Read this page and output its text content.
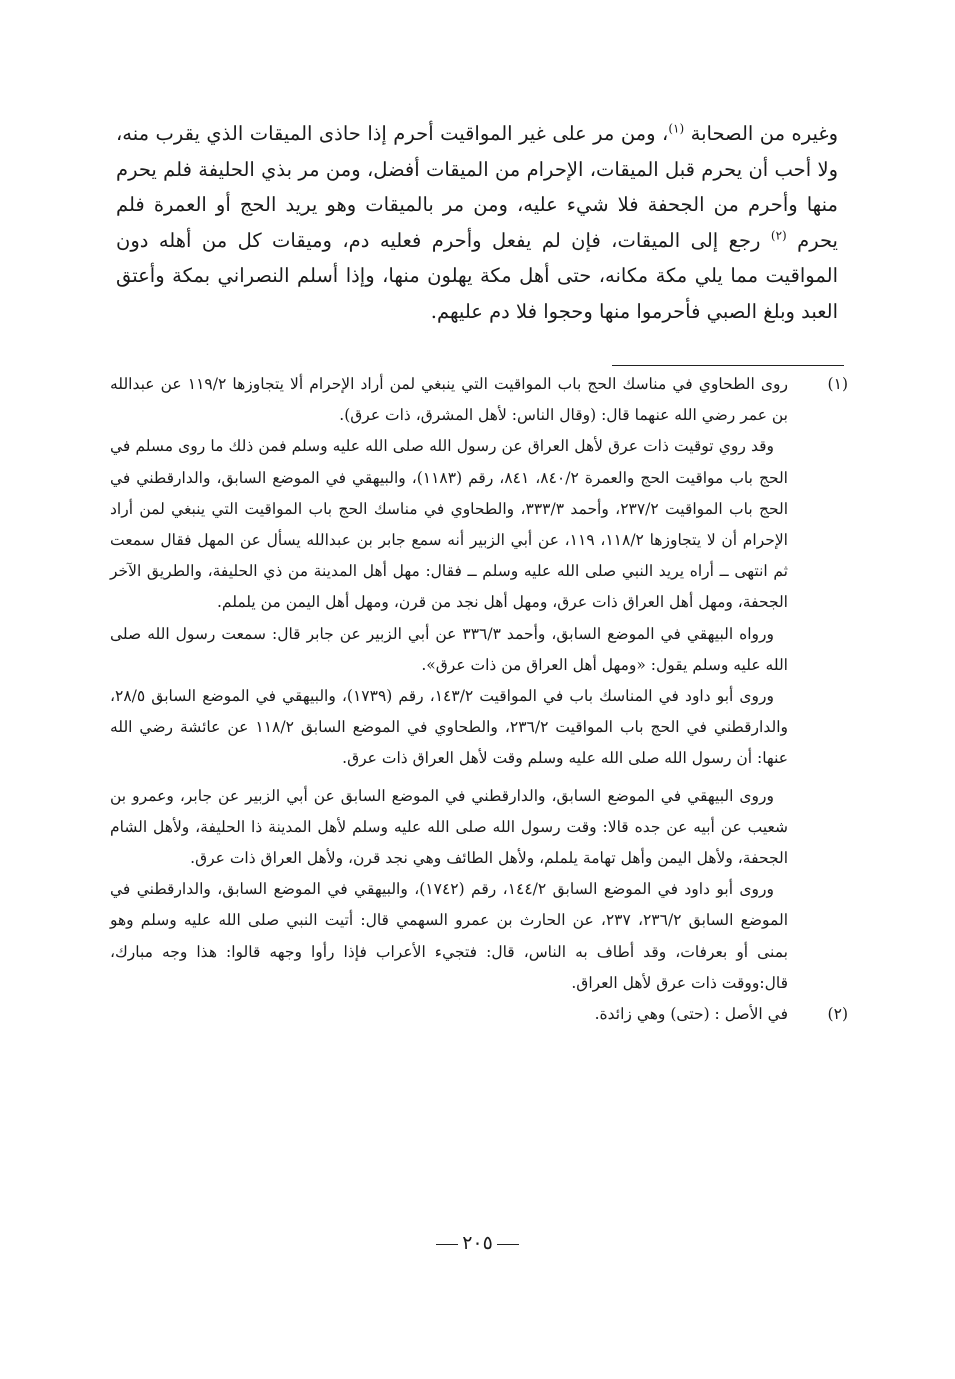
وغيره من الصحابة $^{(١)}$، ومن مر على غير المواقيت أحرم إذا حاذى الميقات الذي يقرب منه، ولا أحب أن يحرم قبل الميقات، الإحرام من الميقات أفضل، ومن مر بذي الحليفة فلم يحرم منها وأحرم من الجحفة فلا شيء عليه، ومن مر بالميقات وهو يريد الحج أو العمرة فلم يحرم $^{(٢)}$ رجع إلى الميقات، فإن لم يفعل وأحرم فعليه دم، وميقات كل من أهله دون المواقيت مما يلي مكة مكانه، حتى أهل مكة يهلون منها، وإذا أسلم النصراني بمكة وأعتق العبد وبلغ الصبي فأحرموا منها وحجوا فلا دم عليهم.

(١)

روى الطحاوي في مناسك الحج باب المواقيت التي ينبغي لمن أراد الإحرام ألا يتجاوزها ١١٩/٢ عن عبدالله بن عمر رضي الله عنهما قال: (وقال الناس: لأهل المشرق، ذات عرق).

وقد روي توقيت ذات عرق لأهل العراق عن رسول الله صلى الله عليه وسلم فمن ذلك ما روى مسلم في الحج باب مواقيت الحج والعمرة ٨٤٠/٢، ٨٤١، رقم (١١٨٣)، والبيهقي في الموضع السابق، والدارقطني في الحج باب المواقيت ٢٣٧/٢، وأحمد ٣٣٣/٣، والطحاوي في مناسك الحج باب المواقيت التي ينبغي لمن أراد الإحرام أن لا يتجاوزها ١١٨/٢، ١١٩، عن أبي الزبير أنه سمع جابر بن عبدالله يسأل عن المهل فقال سمعت ثم انتهى ــ أراه يريد النبي صلى الله عليه وسلم ــ فقال: مهل أهل المدينة من ذي الحليفة، والطريق الآخر الجحفة، ومهل أهل العراق ذات عرق، ومهل أهل نجد من قرن، ومهل أهل اليمن من يلملم.

ورواه البيهقي في الموضع السابق، وأحمد ٣٣٦/٣ عن أبي الزبير عن جابر قال: سمعت رسول الله صلى الله عليه وسلم يقول: «ومهل أهل العراق من ذات عرق».

وروى أبو داود في المناسك باب في المواقيت ١٤٣/٢، رقم (١٧٣٩)، والبيهقي في الموضع السابق ٢٨/٥، والدارقطني في الحج باب المواقيت ٢٣٦/٢، والطحاوي في الموضع السابق ١١٨/٢ عن عائشة رضي الله عنها: أن رسول الله صلى الله عليه وسلم وقت لأهل العراق ذات عرق.

وروى البيهقي في الموضع السابق، والدارقطني في الموضع السابق عن أبي الزبير عن جابر، وعمرو بن شعيب عن أبيه عن جده قالا: وقت رسول الله صلى الله عليه وسلم لأهل المدينة ذا الحليفة، ولأهل الشام الجحفة، ولأهل اليمن وأهل تهامة يلملم، ولأهل الطائف وهي نجد قرن، ولأهل العراق ذات عرق.

وروى أبو داود في الموضع السابق ١٤٤/٢، رقم (١٧٤٢)، والبيهقي في الموضع السابق، والدارقطني في الموضع السابق ٢٣٦/٢، ٢٣٧، عن الحارث بن عمرو السهمي قال: أتيت النبي صلى الله عليه وسلم وهو بمنى أو بعرفات، وقد أطاف به الناس، قال: فتجيء الأعراب فإذا رأوا وجهه قالوا: هذا وجه مبارك، قال:ووقت ذات عرق لأهل العراق.

(٢)

في الأصل : (حتى) وهي زائدة.

٢٠٥
